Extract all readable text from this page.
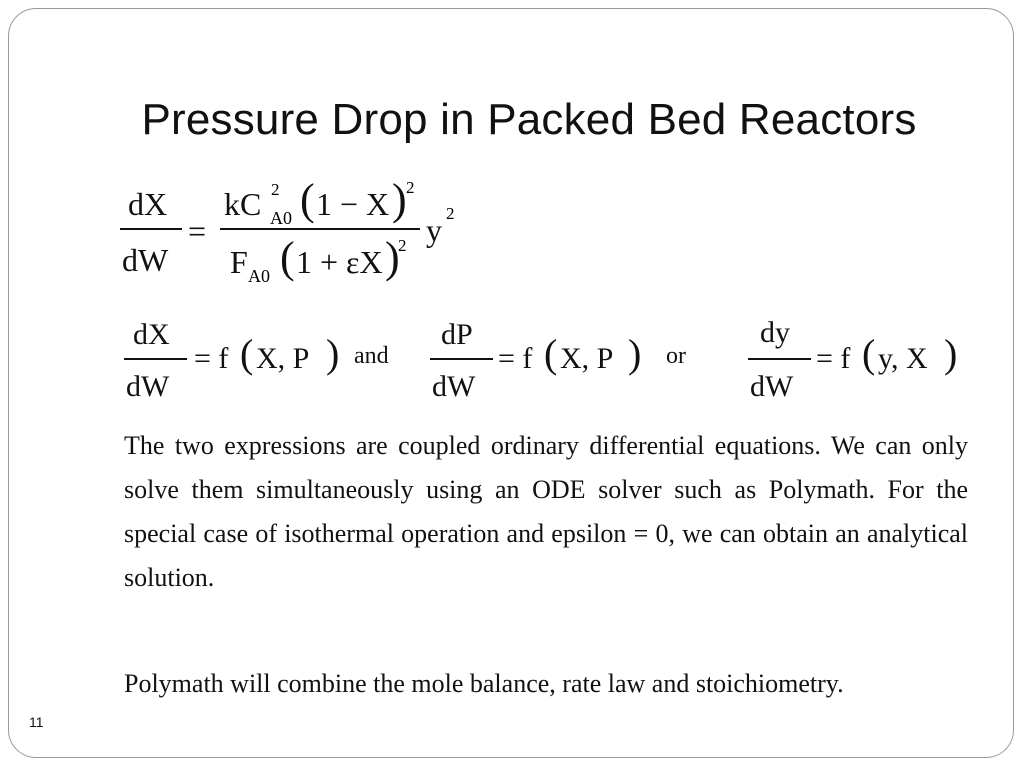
Pressure Drop in Packed Bed Reactors
dX
dW
=
kC 2
A0 ( 1 − X ) 2
F A0 ( 1 + εX )
2 y 2
dX
dW
= f ( X, P ) and
dP
dW
= f ( X, P ) or
dy
dW
= f ( y, X )
The two expressions are coupled ordinary differential equations. We can only solve them simultaneously using an ODE solver such as Polymath. For the special case of isothermal operation and epsilon = 0, we can obtain an analytical solution.
Polymath will combine the mole balance, rate law and stoichiometry.
11
